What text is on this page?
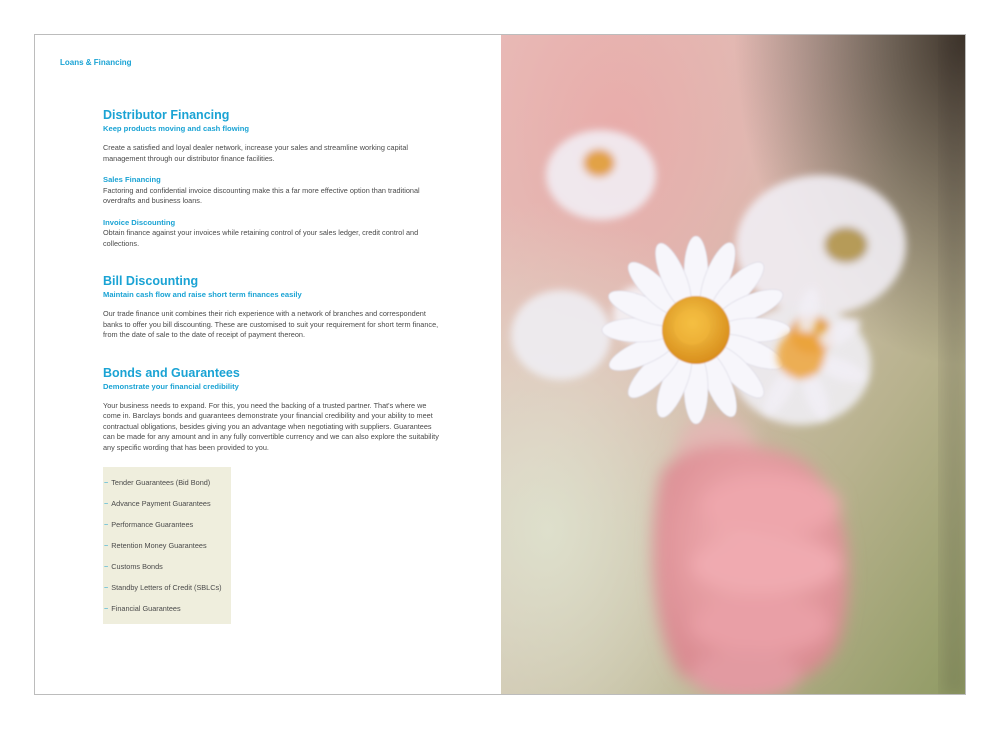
Loans & Financing

Distributor Financing

Keep products moving and cash flowing

Create a satisfied and loyal dealer network, increase your sales and streamline working capital management through our distributor finance facilities.

Sales Financing

Factoring and confidential invoice discounting make this a far more effective option than traditional overdrafts and business loans.

Invoice Discounting

Obtain finance against your invoices while retaining control of your sales ledger, credit control and collections.

Bill Discounting

Maintain cash flow and raise short term finances easily

Our trade finance unit combines their rich experience with a network of branches and correspondent banks to offer you bill discounting. These are customised to suit your requirement for short term finance, from the date of sale to the date of receipt of payment thereon.

Bonds and Guarantees

Demonstrate your financial credibility

Your business needs to expand. For this, you need the backing of a trusted partner. That's where we come in. Barclays bonds and guarantees demonstrate your financial credibility and your ability to meet contractual obligations, besides giving you an advantage when negotiating with suppliers. Guarantees can be made for any amount and in any fully convertible currency and we can also explore the suitability any specific wording that has been provided to you.

~ Tender Guarantees (Bid Bond)
~ Advance Payment Guarantees
~ Performance Guarantees
~ Retention Money Guarantees
~ Customs Bonds
~ Standby Letters of Credit (SBLCs)
~ Financial Guarantees
